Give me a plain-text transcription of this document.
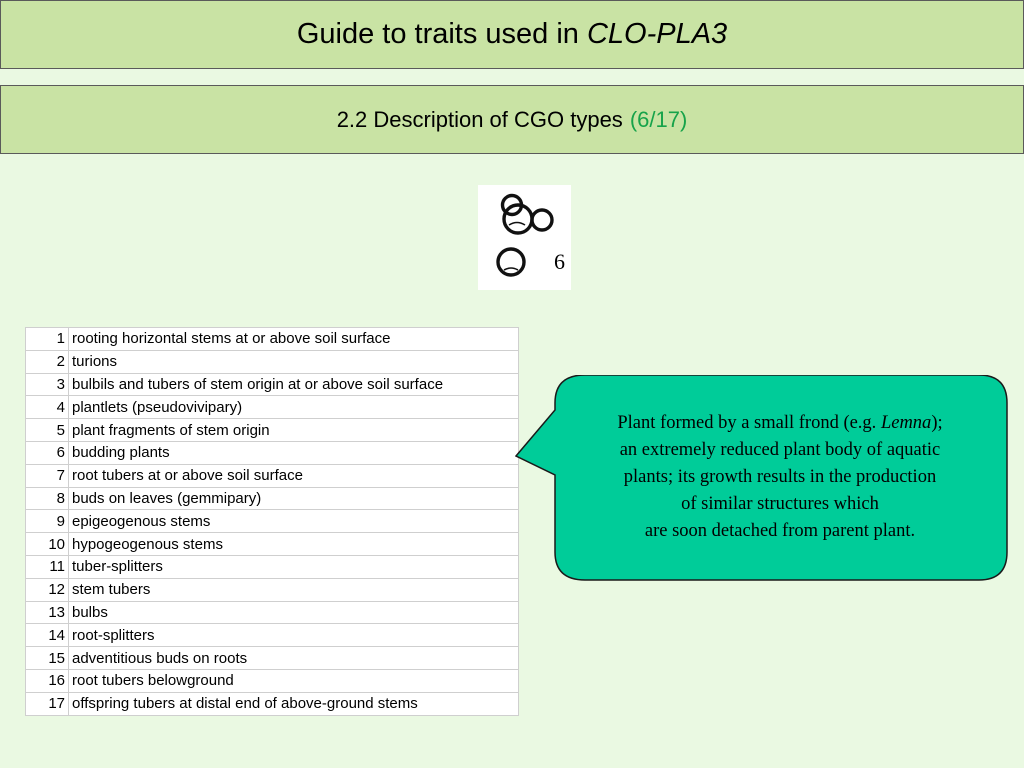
Guide to traits used in CLO-PLA3
2.2 Description of CGO types (6/17)
6
1	rooting horizontal stems at or above soil surface
2	turions
3	bulbils and tubers of stem origin at or above soil surface
4	plantlets (pseudovivipary)
5	plant fragments of stem origin
6	budding plants
7	root tubers at or above soil surface
8	buds on leaves (gemmipary)
9	epigeogenous stems
10	hypogeogenous stems
11	tuber-splitters
12	stem tubers
13	bulbs
14	root-splitters
15	adventitious buds on roots
16	root tubers belowground
17	offspring tubers at distal end of above-ground stems
Plant formed by a small frond (e.g. Lemna);
an extremely reduced plant body of aquatic
plants; its growth results in the production
of similar structures which
are soon detached from parent plant.
